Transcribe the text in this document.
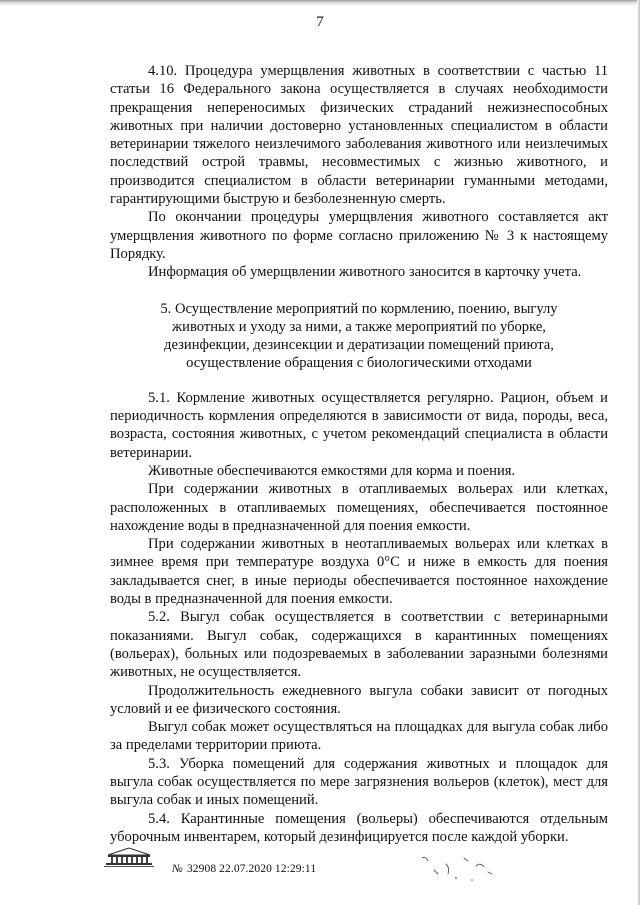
7

4.10. Процедура умерщвления животных в соответствии с частью 11 статьи 16 Федерального закона осуществляется в случаях необходимости прекращения непереносимых физических страданий нежизнеспособных животных при наличии достоверно установленных специалистом в области ветеринарии тяжелого неизлечимого заболевания животного или неизлечимых последствий острой травмы, несовместимых с жизнью животного, и производится специалистом в области ветеринарии гуманными методами, гарантирующими быструю и безболезненную смерть.

По окончании процедуры умерщвления животного составляется акт умерщвления животного по форме согласно приложению № 3 к настоящему Порядку.

Информация об умерщвлении животного заносится в карточку учета.

5. Осуществление мероприятий по кормлению, поению, выгулу животных и уходу за ними, а также мероприятий по уборке, дезинфекции, дезинсекции и дератизации помещений приюта, осуществление обращения с биологическими отходами

5.1. Кормление животных осуществляется регулярно. Рацион, объем и периодичность кормления определяются в зависимости от вида, породы, веса, возраста, состояния животных, с учетом рекомендаций специалиста в области ветеринарии.

Животные обеспечиваются емкостями для корма и поения.

При содержании животных в отапливаемых вольерах или клетках, расположенных в отапливаемых помещениях, обеспечивается постоянное нахождение воды в предназначенной для поения емкости.

При содержании животных в неотапливаемых вольерах или клетках в зимнее время при температуре воздуха 0°С и ниже в емкость для поения закладывается снег, в иные периоды обеспечивается постоянное нахождение воды в предназначенной для поения емкости.

5.2. Выгул собак осуществляется в соответствии с ветеринарными показаниями. Выгул собак, содержащихся в карантинных помещениях (вольерах), больных или подозреваемых в заболевании заразными болезнями животных, не осуществляется.

Продолжительность ежедневного выгула собаки зависит от погодных условий и ее физического состояния.

Выгул собак может осуществляться на площадках для выгула собак либо за пределами территории приюта.

5.3. Уборка помещений для содержания животных и площадок для выгула собак осуществляется по мере загрязнения вольеров (клеток), мест для выгула собак и иных помещений.

5.4. Карантинные помещения (вольеры) обеспечиваются отдельным уборочным инвентарем, который дезинфицируется после каждой уборки.

№ 32908 22.07.2020 12:29:11
